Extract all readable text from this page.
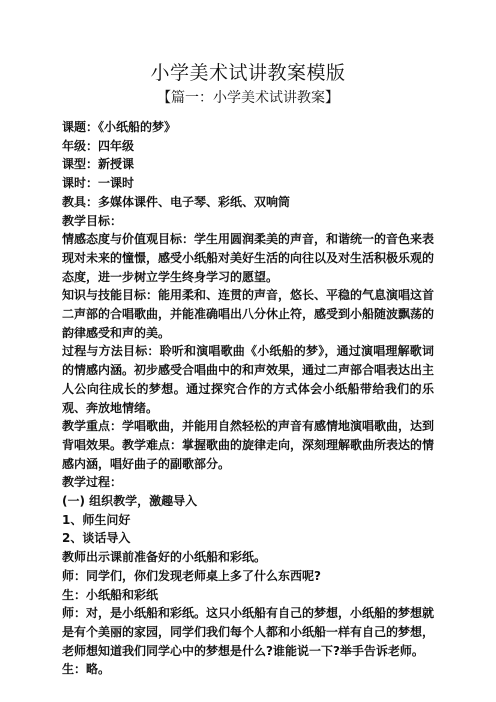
小学美术试讲教案模版
【篇一：小学美术试讲教案】

课题：《小纸船的梦》

年级：四年级

课型：新授课

课时：一课时

教具：多媒体课件、电子琴、彩纸、双响筒

教学目标：

情感态度与价值观目标：学生用圆润柔美的声音，和谐统一的音色来表现对未来的憧憬，感受小纸船对美好生活的向往以及对生活积极乐观的态度，进一步树立学生终身学习的愿望。

知识与技能目标：能用柔和、连贯的声音，悠长、平稳的气息演唱这首二声部的合唱歌曲，并能准确唱出八分休止符，感受到小船随波飘荡的韵律感受和声的美。

过程与方法目标：聆听和演唱歌曲《小纸船的梦》，通过演唱理解歌词的情感内涵。初步感受合唱曲中的和声效果，通过二声部合唱表达出主人公向往成长的梦想。通过探究合作的方式体会小纸船带给我们的乐观、奔放地情绪。

教学重点：学唱歌曲，并能用自然轻松的声音有感情地演唱歌曲，达到背唱效果。教学难点：掌握歌曲的旋律走向，深刻理解歌曲所表达的情感内涵，唱好曲子的副歌部分。

教学过程：

(一) 组织教学，激趣导入

1、师生问好

2、谈话导入

教师出示课前准备好的小纸船和彩纸。

师：同学们，你们发现老师桌上多了什么东西呢?

生：小纸船和彩纸

师：对，是小纸船和彩纸。这只小纸船有自己的梦想，小纸船的梦想就是有个美丽的家园，同学们我们每个人都和小纸船一样有自己的梦想，老师想知道我们同学心中的梦想是什么?谁能说一下?举手告诉老师。

生：略。
